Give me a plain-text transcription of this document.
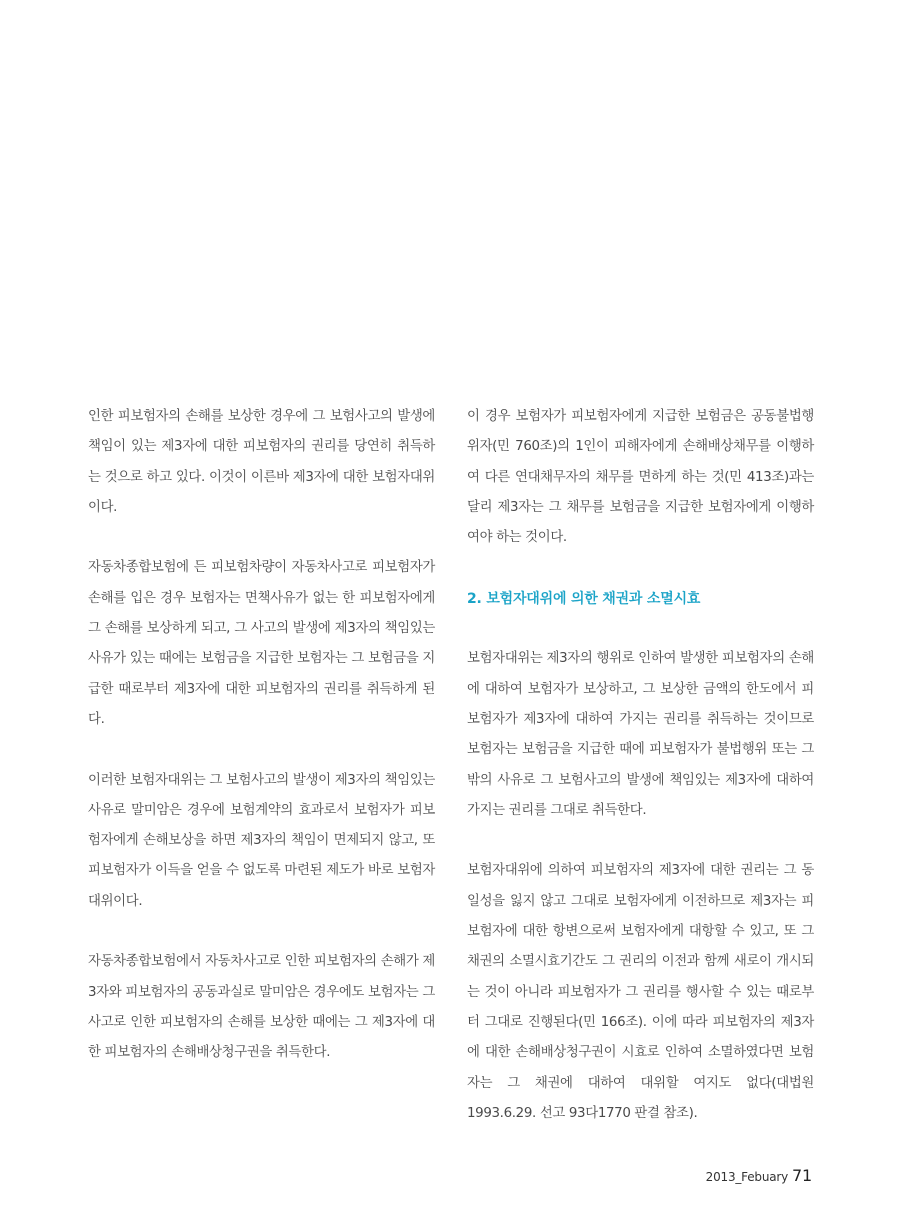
인한 피보험자의 손해를 보상한 경우에 그 보험사고의 발생에 책임이 있는 제3자에 대한 피보험자의 권리를 당연히 취득하는 것으로 하고 있다. 이것이 이른바 제3자에 대한 보험자대위이다.

자동차종합보험에 든 피보험차량이 자동차사고로 피보험자가 손해를 입은 경우 보험자는 면책사유가 없는 한 피보험자에게 그 손해를 보상하게 되고, 그 사고의 발생에 제3자의 책임있는 사유가 있는 때에는 보험금을 지급한 보험자는 그 보험금을 지급한 때로부터 제3자에 대한 피보험자의 권리를 취득하게 된다.

이러한 보험자대위는 그 보험사고의 발생이 제3자의 책임있는 사유로 말미암은 경우에 보험계약의 효과로서 보험자가 피보험자에게 손해보상을 하면 제3자의 책임이 면제되지 않고, 또 피보험자가 이득을 얻을 수 없도록 마련된 제도가 바로 보험자대위이다.

자동차종합보험에서 자동차사고로 인한 피보험자의 손해가 제3자와 피보험자의 공동과실로 말미암은 경우에도 보험자는 그 사고로 인한 피보험자의 손해를 보상한 때에는 그 제3자에 대한 피보험자의 손해배상청구권을 취득한다.

이 경우 보험자가 피보험자에게 지급한 보험금은 공동불법행위자(민 760조)의 1인이 피해자에게 손해배상채무를 이행하여 다른 연대채무자의 채무를 면하게 하는 것(민 413조)과는 달리 제3자는 그 채무를 보험금을 지급한 보험자에게 이행하여야 하는 것이다.

2. 보험자대위에 의한 채권과 소멸시효

보험자대위는 제3자의 행위로 인하여 발생한 피보험자의 손해에 대하여 보험자가 보상하고, 그 보상한 금액의 한도에서 피보험자가 제3자에 대하여 가지는 권리를 취득하는 것이므로 보험자는 보험금을 지급한 때에 피보험자가 불법행위 또는 그 밖의 사유로 그 보험사고의 발생에 책임있는 제3자에 대하여 가지는 권리를 그대로 취득한다.

보험자대위에 의하여 피보험자의 제3자에 대한 권리는 그 동일성을 잃지 않고 그대로 보험자에게 이전하므로 제3자는 피보험자에 대한 항변으로써 보험자에게 대항할 수 있고, 또 그 채권의 소멸시효기간도 그 권리의 이전과 함께 새로이 개시되는 것이 아니라 피보험자가 그 권리를 행사할 수 있는 때로부터 그대로 진행된다(민 166조). 이에 따라 피보험자의 제3자에 대한 손해배상청구권이 시효로 인하여 소멸하였다면 보험자는 그 채권에 대하여 대위할 여지도 없다(대법원 1993.6.29. 선고 93다1770 판결 참조).

2013_Febuary 71
